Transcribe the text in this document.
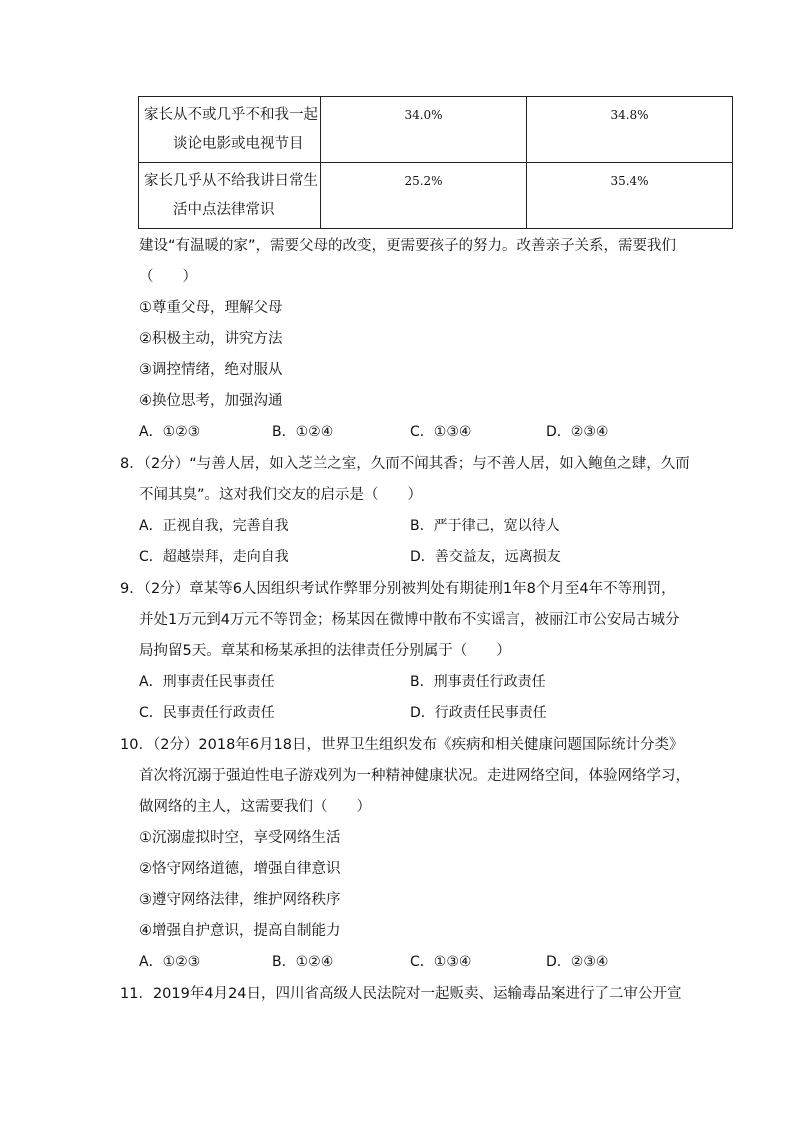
家长从不或几乎不和我一起
谈论电影或电视节目	34.0%	34.8%
家长几乎从不给我讲日常生
活中点法律常识	25.2%	35.4%
建设“有温暖的家”，需要父母的改变，更需要孩子的努力。改善亲子关系，需要我们
（　　）
①尊重父母，理解父母
②积极主动，讲究方法
③调控情绪，绝对服从
④换位思考，加强沟通
A．①②③	B．①②④	C．①③④	D．②③④
8．（2分）“与善人居，如入芝兰之室，久而不闻其香；与不善人居，如入鲍鱼之肆，久而
不闻其臭”。这对我们交友的启示是（　　）
A．正视自我，完善自我	B．严于律己，宽以待人
C．超越崇拜，走向自我	D．善交益友，远离损友
9．（2分）章某等6人因组织考试作弊罪分别被判处有期徒刑1年8个月至4年不等刑罚，
并处1万元到4万元不等罚金；杨某因在微博中散布不实谣言，被丽江市公安局古城分
局拘留5天。章某和杨某承担的法律责任分别属于（　　）
A．刑事责任民事责任	B．刑事责任行政责任
C．民事责任行政责任	D．行政责任民事责任
10．（2分）2018年6月18日，世界卫生组织发布《疾病和相关健康问题国际统计分类》
首次将沉溺于强迫性电子游戏列为一种精神健康状况。走进网络空间，体验网络学习，
做网络的主人，这需要我们（　　）
①沉溺虚拟时空，享受网络生活
②恪守网络道德，增强自律意识
③遵守网络法律，维护网络秩序
④增强自护意识，提高自制能力
A．①②③	B．①②④	C．①③④	D．②③④
11．2019年4月24日，四川省高级人民法院对一起贩卖、运输毒品案进行了二审公开宣
